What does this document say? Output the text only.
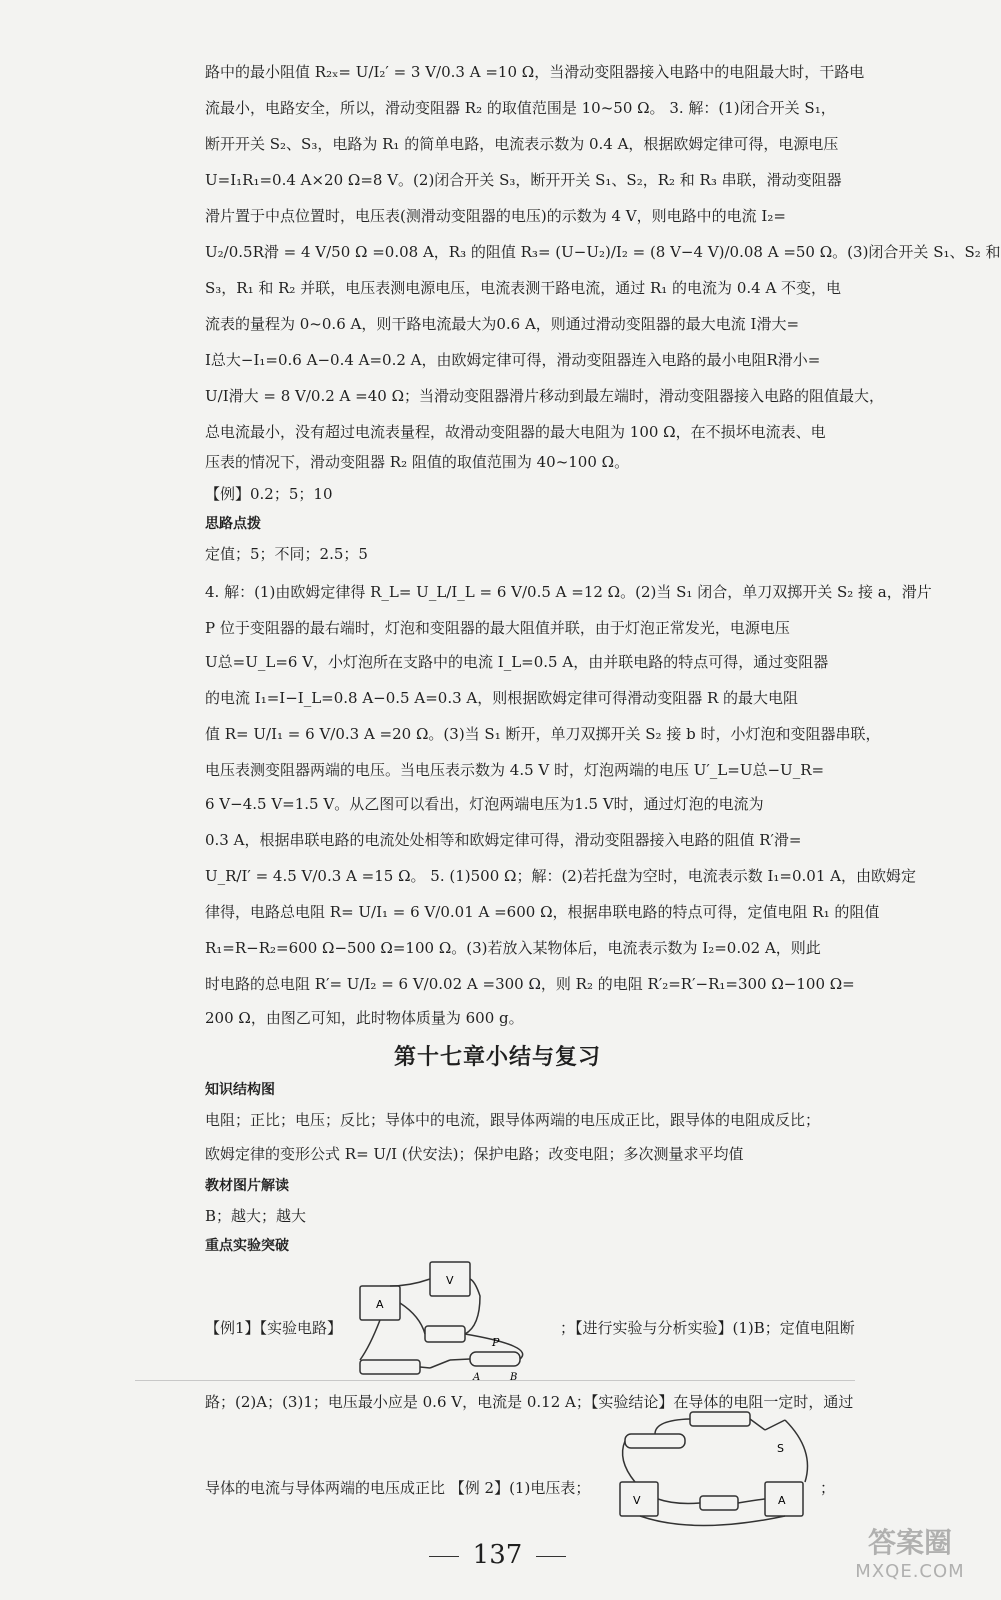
路中的最小阻值 R₂ₓ= U/I₂′ = 3 V/0.3 A =10 Ω，当滑动变阻器接入电路中的电阻最大时，干路电
流最小，电路安全，所以，滑动变阻器 R₂ 的取值范围是 10~50 Ω。 3. 解：(1)闭合开关 S₁，
断开开关 S₂、S₃，电路为 R₁ 的简单电路，电流表示数为 0.4 A，根据欧姆定律可得，电源电压
U=I₁R₁=0.4 A×20 Ω=8 V。(2)闭合开关 S₃，断开开关 S₁、S₂，R₂ 和 R₃ 串联，滑动变阻器
滑片置于中点位置时，电压表(测滑动变阻器的电压)的示数为 4 V，则电路中的电流 I₂=
U₂/0.5R滑 = 4 V/50 Ω =0.08 A，R₃ 的阻值 R₃= (U−U₂)/I₂ = (8 V−4 V)/0.08 A =50 Ω。(3)闭合开关 S₁、S₂ 和
S₃，R₁ 和 R₂ 并联，电压表测电源电压，电流表测干路电流，通过 R₁ 的电流为 0.4 A 不变，电
流表的量程为 0~0.6 A，则干路电流最大为0.6 A，则通过滑动变阻器的最大电流 I滑大=
I总大−I₁=0.6 A−0.4 A=0.2 A，由欧姆定律可得，滑动变阻器连入电路的最小电阻R滑小=
U/I滑大 = 8 V/0.2 A =40 Ω；当滑动变阻器滑片移动到最左端时，滑动变阻器接入电路的阻值最大，
总电流最小，没有超过电流表量程，故滑动变阻器的最大电阻为 100 Ω，在不损坏电流表、电
压表的情况下，滑动变阻器 R₂ 阻值的取值范围为 40~100 Ω。
【例】0.2；5；10
思路点拨
定值；5；不同；2.5；5
4. 解：(1)由欧姆定律得 R_L= U_L/I_L = 6 V/0.5 A =12 Ω。(2)当 S₁ 闭合，单刀双掷开关 S₂ 接 a，滑片
P 位于变阻器的最右端时，灯泡和变阻器的最大阻值并联，由于灯泡正常发光，电源电压
U总=U_L=6 V，小灯泡所在支路中的电流 I_L=0.5 A，由并联电路的特点可得，通过变阻器
的电流 I₁=I−I_L=0.8 A−0.5 A=0.3 A，则根据欧姆定律可得滑动变阻器 R 的最大电阻
值 R= U/I₁ = 6 V/0.3 A =20 Ω。(3)当 S₁ 断开，单刀双掷开关 S₂ 接 b 时，小灯泡和变阻器串联，
电压表测变阻器两端的电压。当电压表示数为 4.5 V 时，灯泡两端的电压 U′_L=U总−U_R=
6 V−4.5 V=1.5 V。从乙图可以看出，灯泡两端电压为1.5 V时，通过灯泡的电流为
0.3 A，根据串联电路的电流处处相等和欧姆定律可得，滑动变阻器接入电路的阻值 R′滑=
U_R/I′ = 4.5 V/0.3 A =15 Ω。 5. (1)500 Ω；解：(2)若托盘为空时，电流表示数 I₁=0.01 A，由欧姆定
律得，电路总电阻 R= U/I₁ = 6 V/0.01 A =600 Ω，根据串联电路的特点可得，定值电阻 R₁ 的阻值
R₁=R−R₂=600 Ω−500 Ω=100 Ω。(3)若放入某物体后，电流表示数为 I₂=0.02 A，则此
时电路的总电阻 R′= U/I₂ = 6 V/0.02 A =300 Ω，则 R₂ 的电阻 R′₂=R′−R₁=300 Ω−100 Ω=
200 Ω，由图乙可知，此时物体质量为 600 g。
第十七章小结与复习
知识结构图
电阻；正比；电压；反比；导体中的电流，跟导体两端的电压成正比，跟导体的电阻成反比；
欧姆定律的变形公式 R= U/I (伏安法)；保护电路；改变电阻；多次测量求平均值
教材图片解读
B；越大；越大
重点实验突破
【例1】【实验电路】	；【进行实验与分析实验】(1)B；定值电阻断
A
V
P
A	B
路；(2)A；(3)1；电压最小应是 0.6 V，电流是 0.12 A；【实验结论】在导体的电阻一定时，通过
S
V	A
导体的电流与导体两端的电压成正比 【例 2】(1)电压表；	；
137	答案圈
MXQE.COM
